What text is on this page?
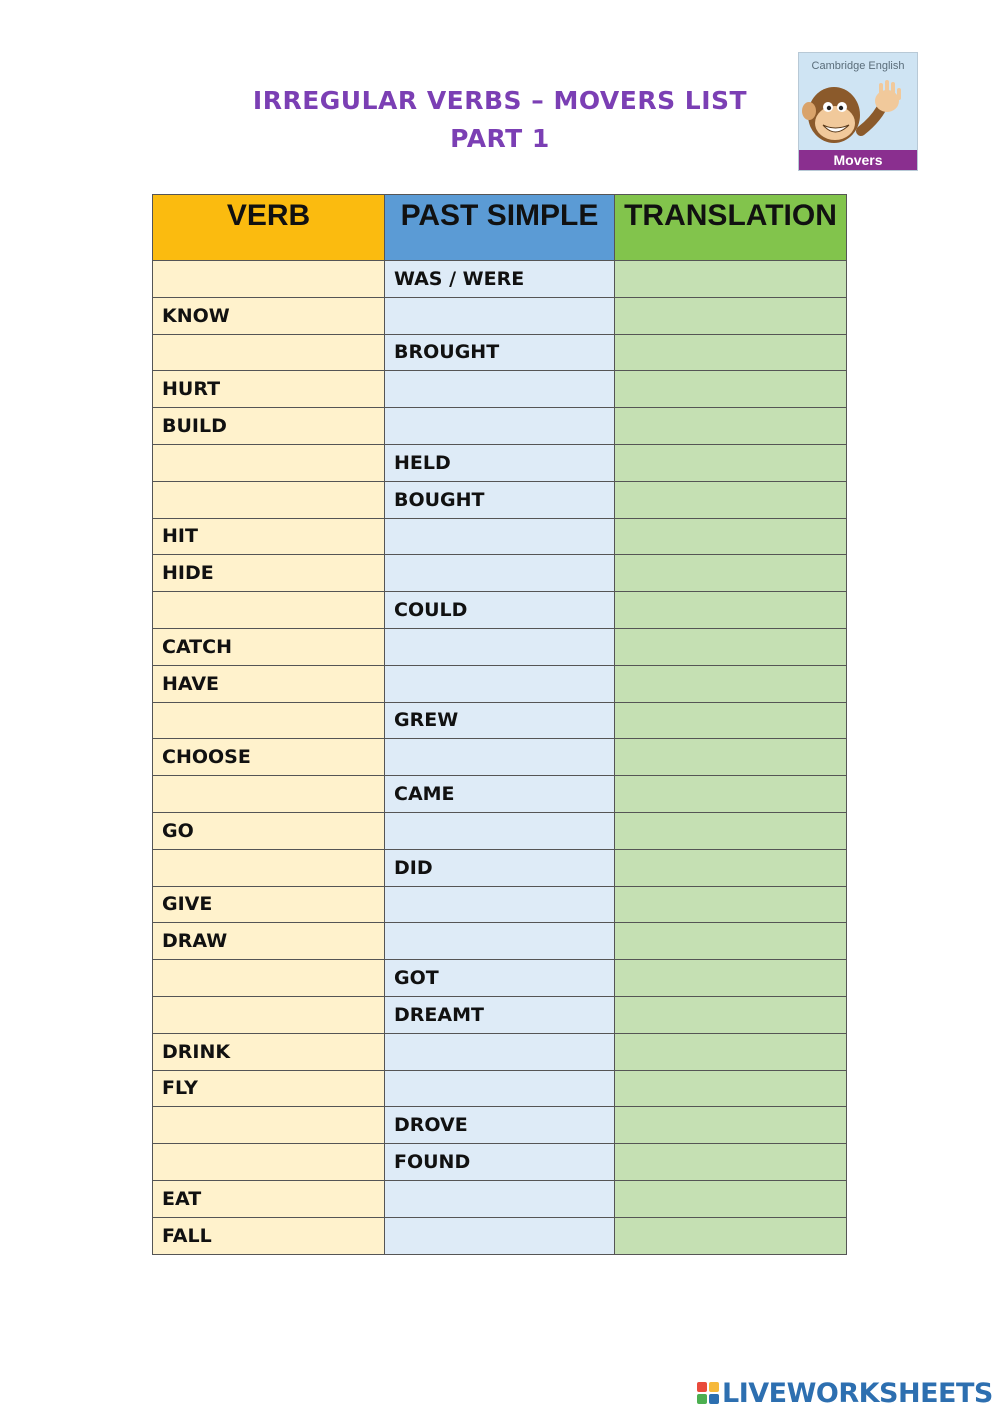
IRREGULAR VERBS – MOVERS LIST
PART 1
Cambridge English
Movers
VERB	PAST SIMPLE	TRANSLATION
	WAS / WERE	
KNOW		
	BROUGHT	
HURT		
BUILD		
	HELD	
	BOUGHT	
HIT		
HIDE		
	COULD	
CATCH		
HAVE		
	GREW	
CHOOSE		
	CAME	
GO		
	DID	
GIVE		
DRAW		
	GOT	
	DREAMT	
DRINK		
FLY		
	DROVE	
	FOUND	
EAT		
FALL		
LIVEWORKSHEETS
